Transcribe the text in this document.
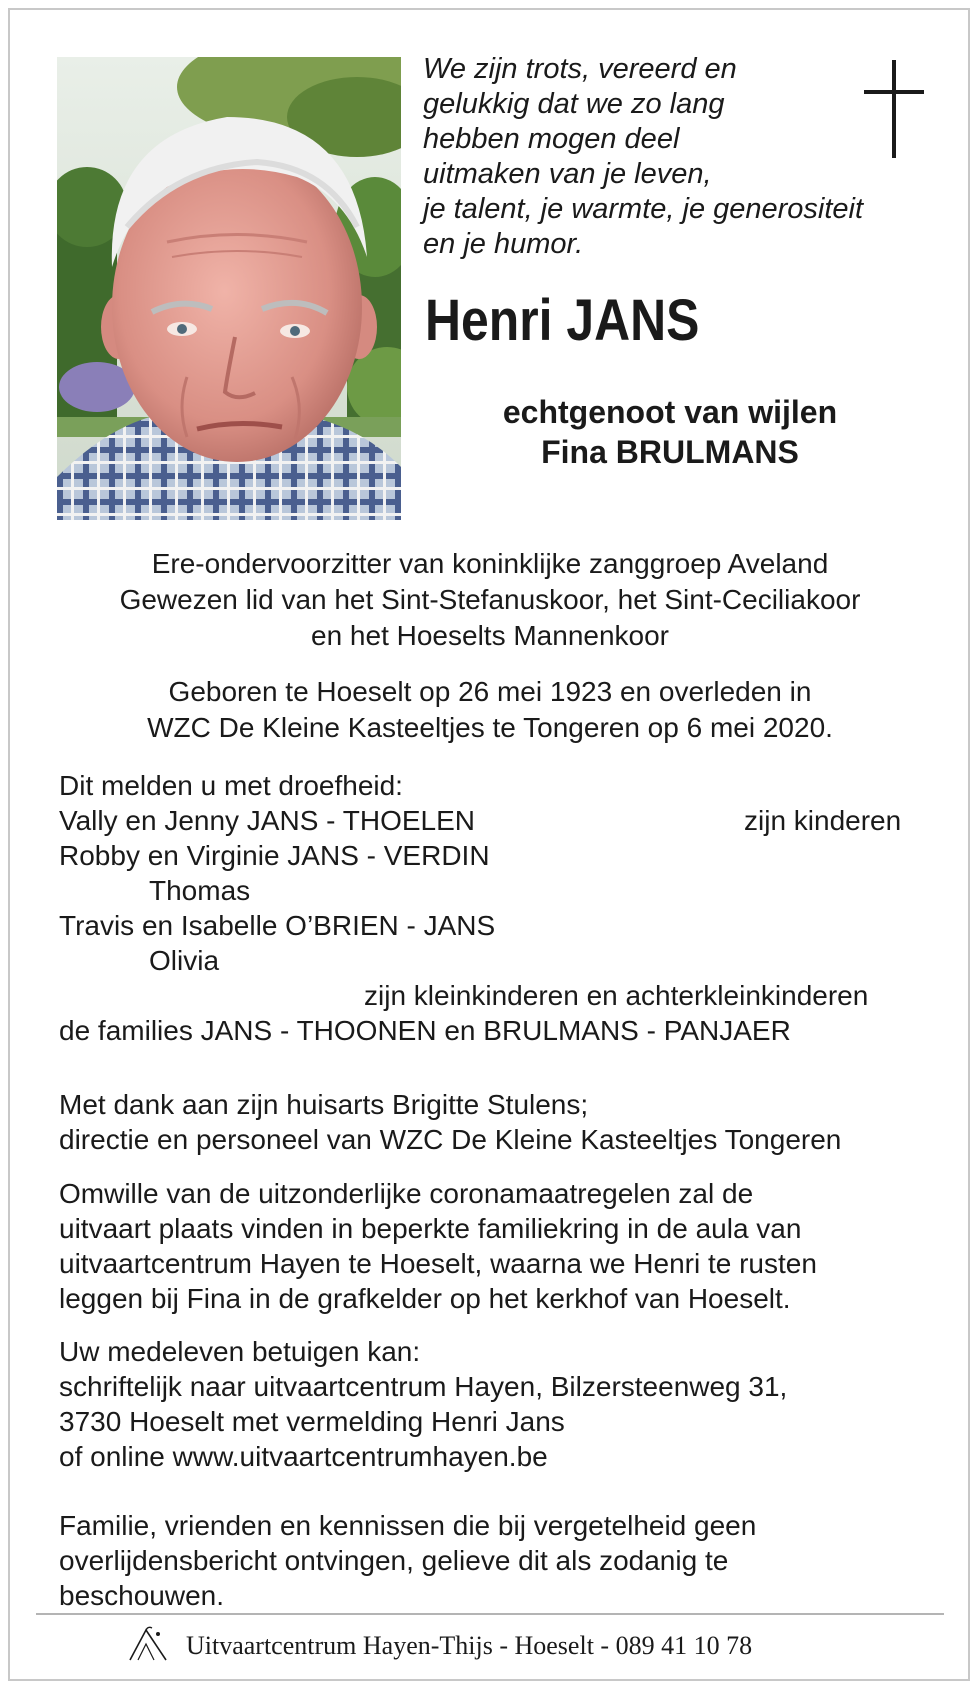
We zijn trots, vereerd en
gelukkig dat we zo lang
hebben mogen deel
uitmaken van je leven,
je talent, je warmte, je generositeit
en je humor.
Henri JANS
echtgenoot van wijlen
Fina BRULMANS
Ere-ondervoorzitter van koninklijke zanggroep Aveland
Gewezen lid van het Sint-Stefanuskoor, het Sint-Ceciliakoor
en het Hoeselts Mannenkoor
Geboren te Hoeselt op 26 mei 1923 en overleden in
WZC De Kleine Kasteeltjes te Tongeren op 6 mei 2020.
Dit melden u met droefheid:
Vally en Jenny JANS - THOELEN	zijn kinderen
Robby en Virginie JANS - VERDIN
Thomas
Travis en Isabelle O’BRIEN - JANS
Olivia
zijn kleinkinderen en achterkleinkinderen
de families JANS - THOONEN en BRULMANS - PANJAER
Met dank aan zijn huisarts Brigitte Stulens;
directie en personeel van WZC De Kleine Kasteeltjes Tongeren
Omwille van de uitzonderlijke coronamaatregelen zal de
uitvaart plaats vinden in beperkte familiekring in de aula van
uitvaartcentrum Hayen te Hoeselt, waarna we Henri te rusten
leggen bij Fina in de grafkelder op het kerkhof van Hoeselt.
Uw medeleven betuigen kan:
schriftelijk naar uitvaartcentrum Hayen, Bilzersteenweg 31,
3730 Hoeselt met vermelding Henri Jans
of online www.uitvaartcentrumhayen.be
Familie, vrienden en kennissen die bij vergetelheid geen
overlijdensbericht ontvingen, gelieve dit als zodanig te
beschouwen.
Uitvaartcentrum Hayen-Thijs - Hoeselt - 089 41 10 78
